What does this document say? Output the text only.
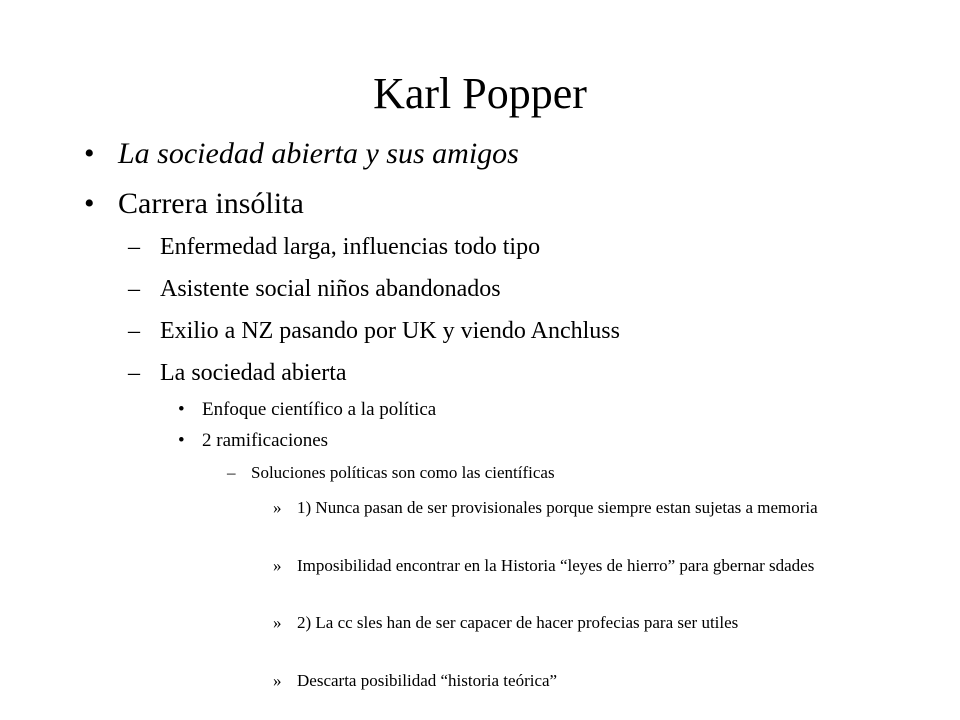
Karl Popper
• La sociedad abierta y sus amigos
• Carrera insólita
– Enfermedad larga, influencias todo tipo
– Asistente social niños abandonados
– Exilio a NZ pasando por UK y viendo Anchluss
– La sociedad abierta
• Enfoque científico a la política
• 2 ramificaciones
– Soluciones políticas son como las científicas
» 1) Nunca pasan de ser provisionales porque siempre estan sujetas a memoria
» Imposibilidad encontrar en la Historia “leyes de hierro” para gbernar sdades
» 2) La cc sles han de ser capacer de hacer profecias para ser utiles
» Descarta posibilidad “historia teórica”
